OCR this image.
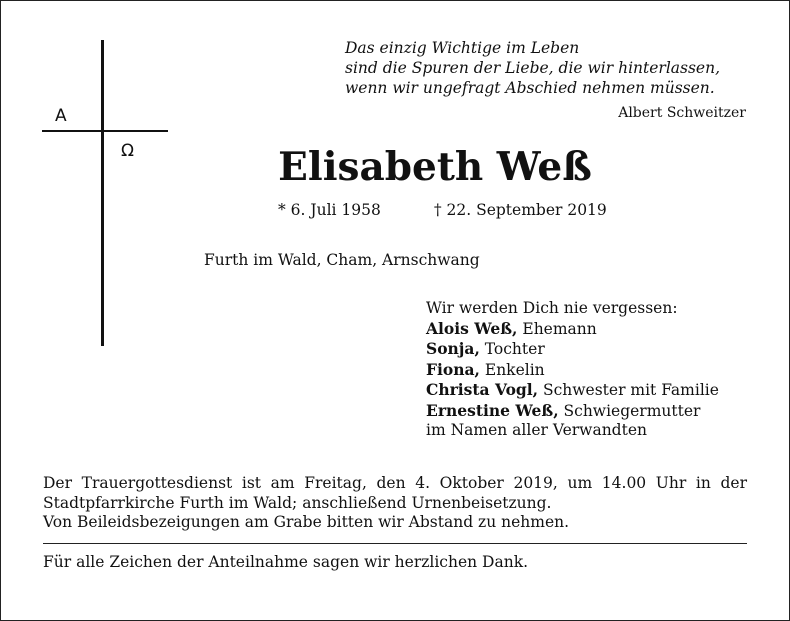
A
Ω
Das einzig Wichtige im Leben
sind die Spuren der Liebe, die wir hinterlassen,
wenn wir ungefragt Abschied nehmen müssen.
Albert Schweitzer
Elisabeth Weß
* 6. Juli 1958	† 22. September 2019
Furth im Wald, Cham, Arnschwang
Wir werden Dich nie vergessen:
Alois Weß, Ehemann
Sonja, Tochter
Fiona, Enkelin
Christa Vogl, Schwester mit Familie
Ernestine Weß, Schwiegermutter
im Namen aller Verwandten
Der Trauergottesdienst ist am Freitag, den 4. Oktober 2019, um 14.00 Uhr in der Stadtpfarrkirche Furth im Wald; anschließend Urnenbeisetzung.
Von Beileidsbezeigungen am Grabe bitten wir Abstand zu nehmen.
Für alle Zeichen der Anteilnahme sagen wir herzlichen Dank.
